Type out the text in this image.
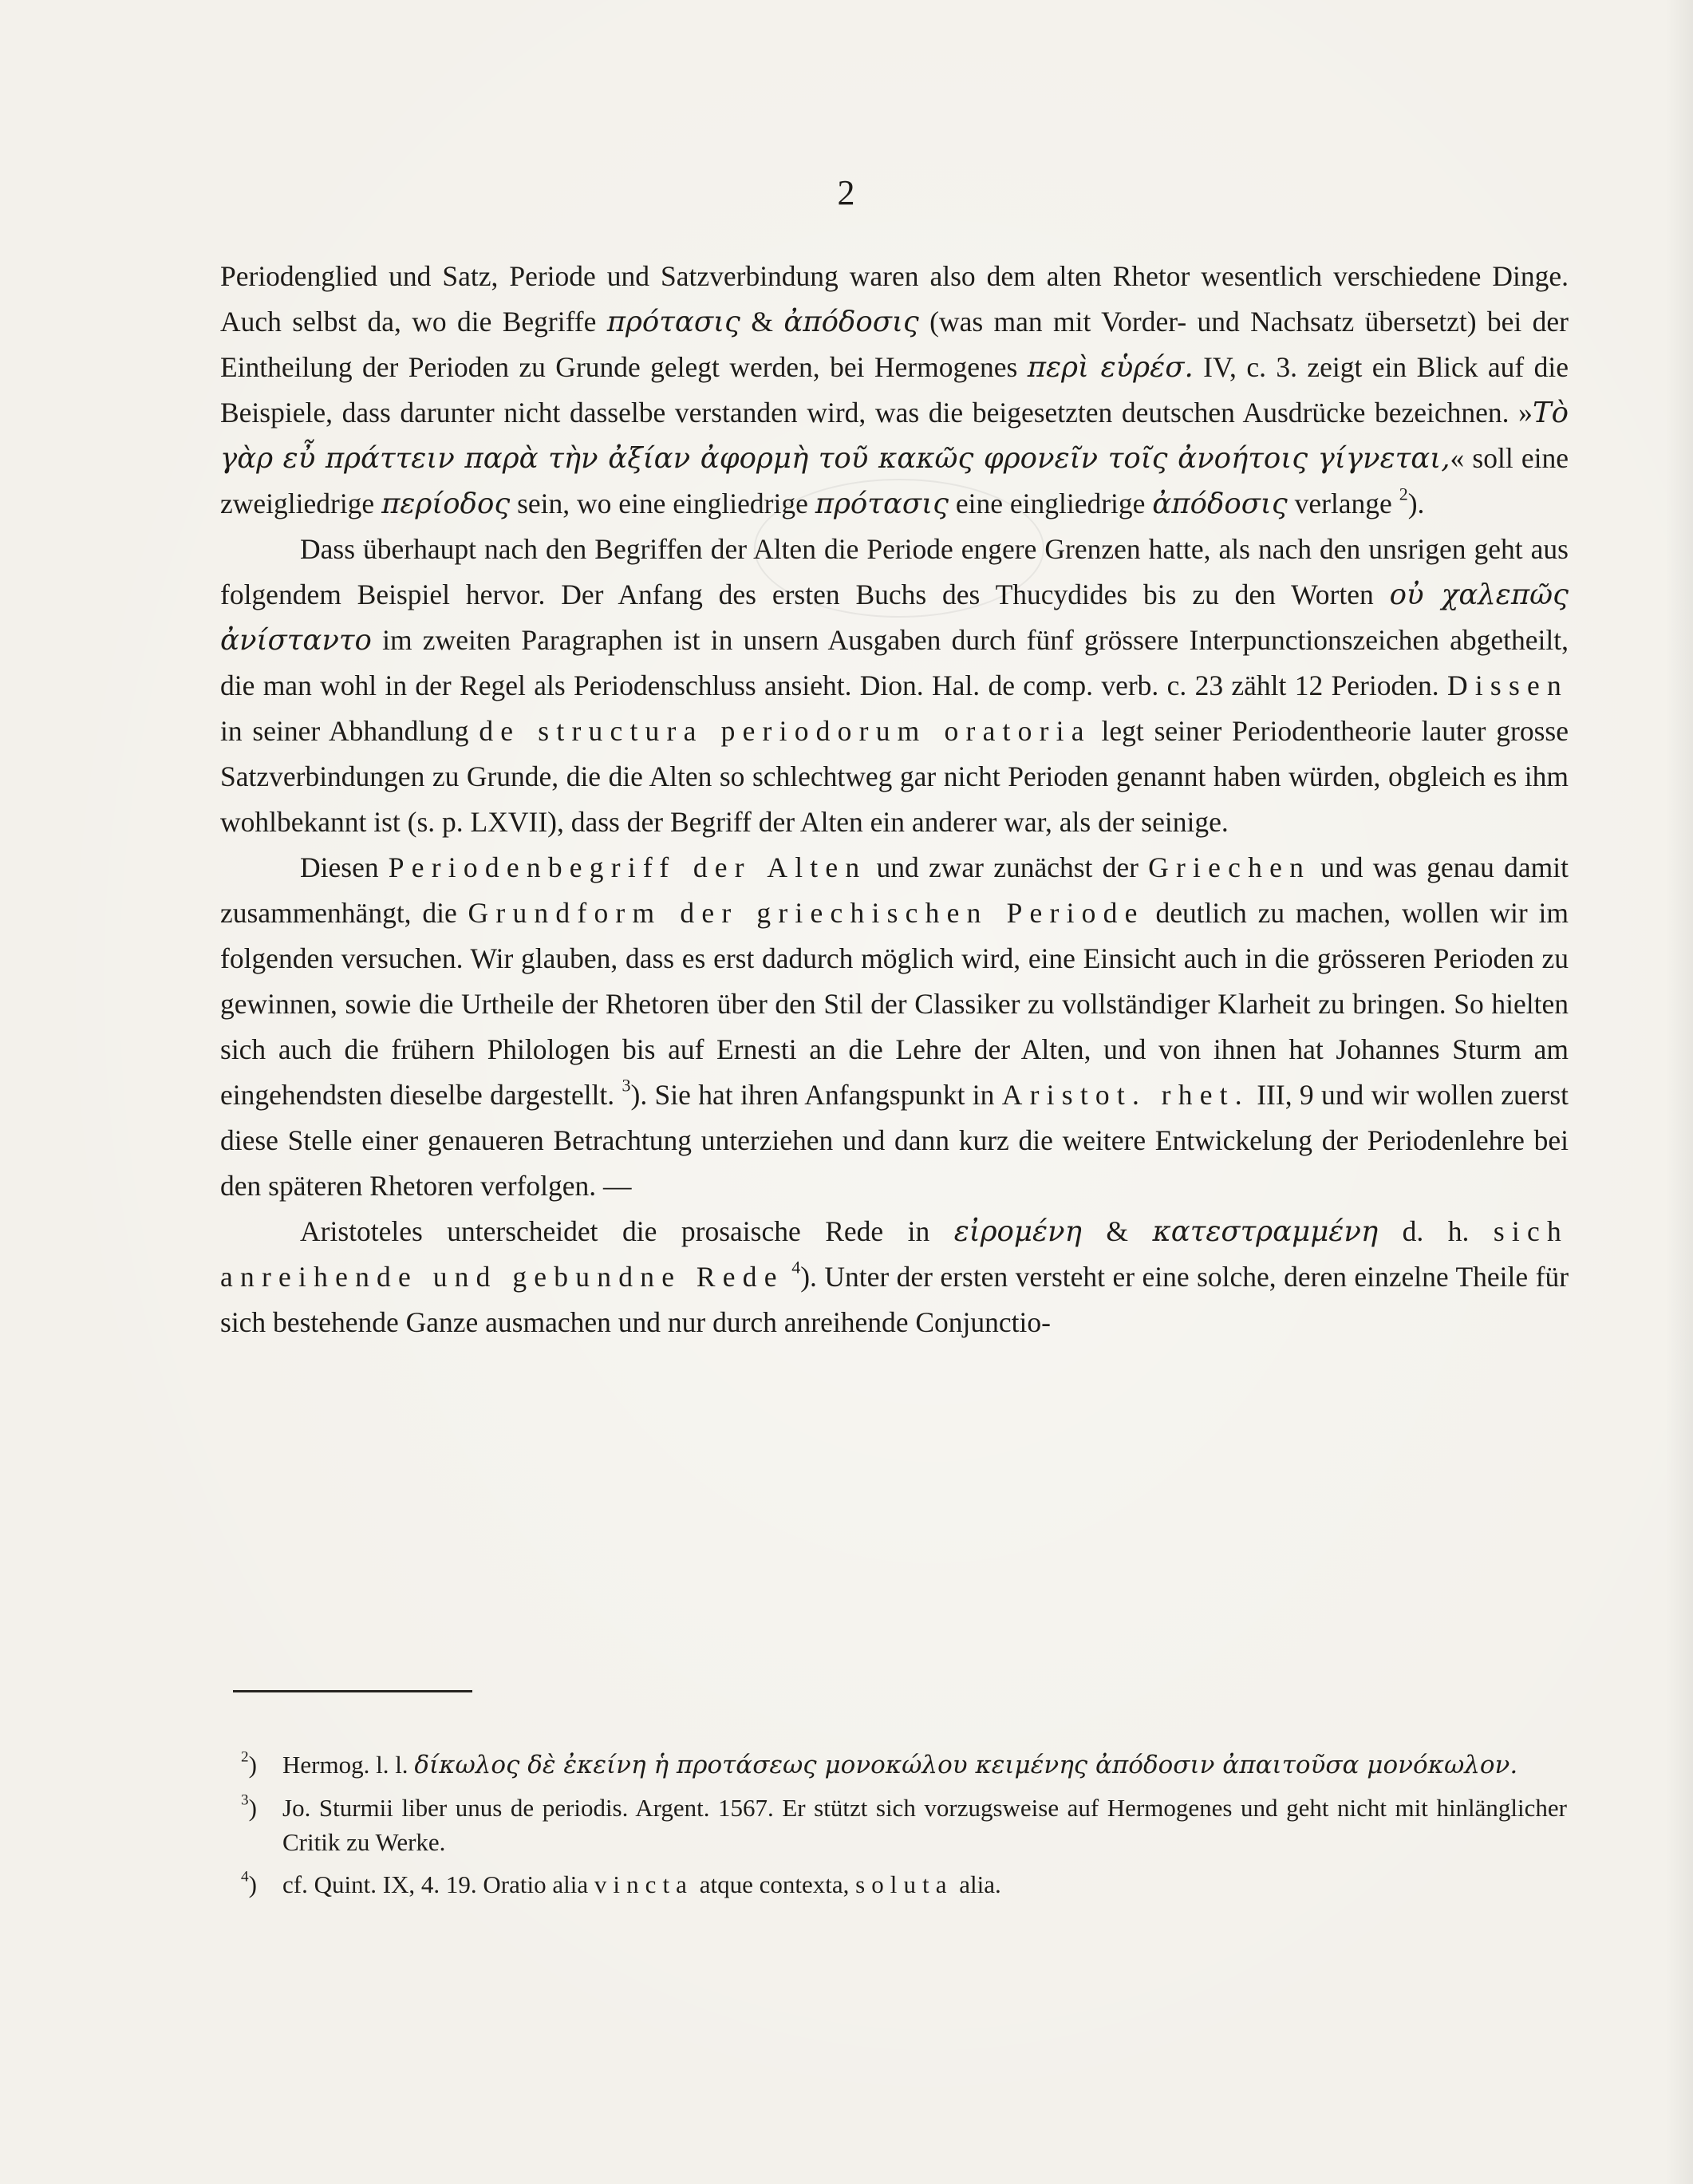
2

Periodenglied und Satz, Periode und Satzverbindung waren also dem alten Rhetor wesentlich verschiedene Dinge. Auch selbst da, wo die Begriffe πρότασις & ἀπόδοσις (was man mit Vorder- und Nachsatz übersetzt) bei der Eintheilung der Perioden zu Grunde gelegt werden, bei Hermogenes περὶ εὑρέσ. IV, c. 3. zeigt ein Blick auf die Beispiele, dass darunter nicht dasselbe verstanden wird, was die beigesetzten deutschen Ausdrücke bezeichnen. »Τὸ γὰρ εὖ πράττειν παρὰ τὴν ἀξίαν ἀφορμὴ τοῦ κακῶς φρονεῖν τοῖς ἀνοήτοις γίγνεται,« soll eine zweigliedrige περίοδος sein, wo eine eingliedrige πρότασις eine eingliedrige ἀπόδοσις verlange $^2$).

Dass überhaupt nach den Begriffen der Alten die Periode engere Grenzen hatte, als nach den unsrigen geht aus folgendem Beispiel hervor. Der Anfang des ersten Buchs des Thucydides bis zu den Worten οὐ χαλεπῶς ἀνίσταντο im zweiten Paragraphen ist in unsern Ausgaben durch fünf grössere Interpunctionszeichen abgetheilt, die man wohl in der Regel als Periodenschluss ansieht. Dion. Hal. de comp. verb. c. 23 zählt 12 Perioden. Dissen in seiner Abhandlung de structura periodorum oratoria legt seiner Periodentheorie lauter grosse Satzverbindungen zu Grunde, die die Alten so schlechtweg gar nicht Perioden genannt haben würden, obgleich es ihm wohlbekannt ist (s. p. LXVII), dass der Begriff der Alten ein anderer war, als der seinige.

Diesen Periodenbegriff der Alten und zwar zunächst der Griechen und was genau damit zusammenhängt, die Grundform der griechischen Periode deutlich zu machen, wollen wir im folgenden versuchen. Wir glauben, dass es erst dadurch möglich wird, eine Einsicht auch in die grösseren Perioden zu gewinnen, sowie die Urtheile der Rhetoren über den Stil der Classiker zu vollständiger Klarheit zu bringen. So hielten sich auch die frühern Philologen bis auf Ernesti an die Lehre der Alten, und von ihnen hat Johannes Sturm am eingehendsten dieselbe dargestellt. $^3$). Sie hat ihren Anfangspunkt in Aristot. rhet. III, 9 und wir wollen zuerst diese Stelle einer genaueren Betrachtung unterziehen und dann kurz die weitere Entwickelung der Periodenlehre bei den späteren Rhetoren verfolgen. —

Aristoteles unterscheidet die prosaische Rede in εἰρομένη & κατεστραμμένη d. h. sich anreihende und gebundne Rede $^4$). Unter der ersten versteht er eine solche, deren einzelne Theile für sich bestehende Ganze ausmachen und nur durch anreihende Conjunctio-

$^2$) Hermog. l. l. δίκωλος δὲ ἐκείνη ἡ προτάσεως μονοκώλου κειμένης ἀπόδοσιν ἀπαιτοῦσα μονόκωλον.

$^3$) Jo. Sturmii liber unus de periodis. Argent. 1567. Er stützt sich vorzugsweise auf Hermogenes und geht nicht mit hinlänglicher Critik zu Werke.

$^4$) cf. Quint. IX, 4. 19. Oratio alia vincta atque contexta, soluta alia.
